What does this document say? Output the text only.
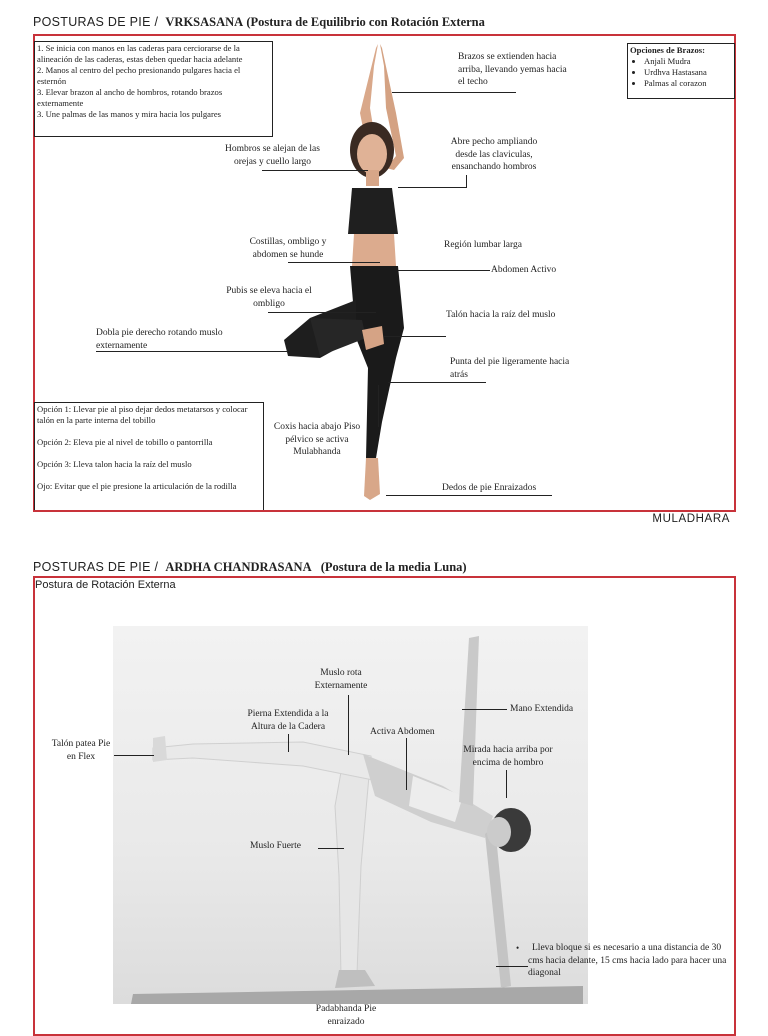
POSTURAS DE PIE / VRKSASANA (Postura de Equilibrio con Rotación Externa

1. Se inicia con manos en las caderas para cerciorarse de la alineación de las caderas, estas deben quedar hacia adelante

2. Manos al centro del pecho presionando pulgares hacia el esternón

3. Elevar brazon al ancho de hombros, rotando brazos externamente

3. Une palmas de las manos y mira hacia los pulgares

Opciones de Brazos:

• Anjali Mudra
• Urdhva Hastasana
• Palmas al corazon
Brazos se extienden hacia arriba, llevando yemas hacia el techo
Hombros se alejan de las orejas y cuello largo
Abre pecho ampliando desde las claviculas, ensanchando hombros
Costillas, ombligo y abdomen se hunde
Región lumbar larga
Abdomen Activo
Pubis se eleva hacia el ombligo
Talón hacia la raíz del muslo
Dobla pie derecho rotando muslo externamente
Punta del pie ligeramente hacia atrás
Coxis hacia abajo Piso pélvico se activa Mulabhanda
Dedos de pie Enraizados

Opción 1: Llevar pie al piso dejar dedos metatarsos y colocar talón en la parte interna del tobillo

Opción 2: Eleva pie al nivel de tobillo o pantorrilla

Opción 3: Lleva talon hacia la raíz del muslo

Ojo: Evitar que el pie presione la articulación de la rodilla

MULADHARA
POSTURAS DE PIE / ARDHA CHANDRASANA (Postura de la media Luna)
Postura de Rotación Externa
Muslo rota Externamente
Mano Extendida
Pierna Extendida a la Altura de la Cadera
Activa Abdomen
Talón patea Pie en Flex
Mirada hacia arriba por encima de hombro
Muslo Fuerte
• Lleva bloque si es necesario a una distancia de 30 cms hacia delante, 15 cms hacia lado para hacer una diagonal
Padabhanda Pie enraizado
